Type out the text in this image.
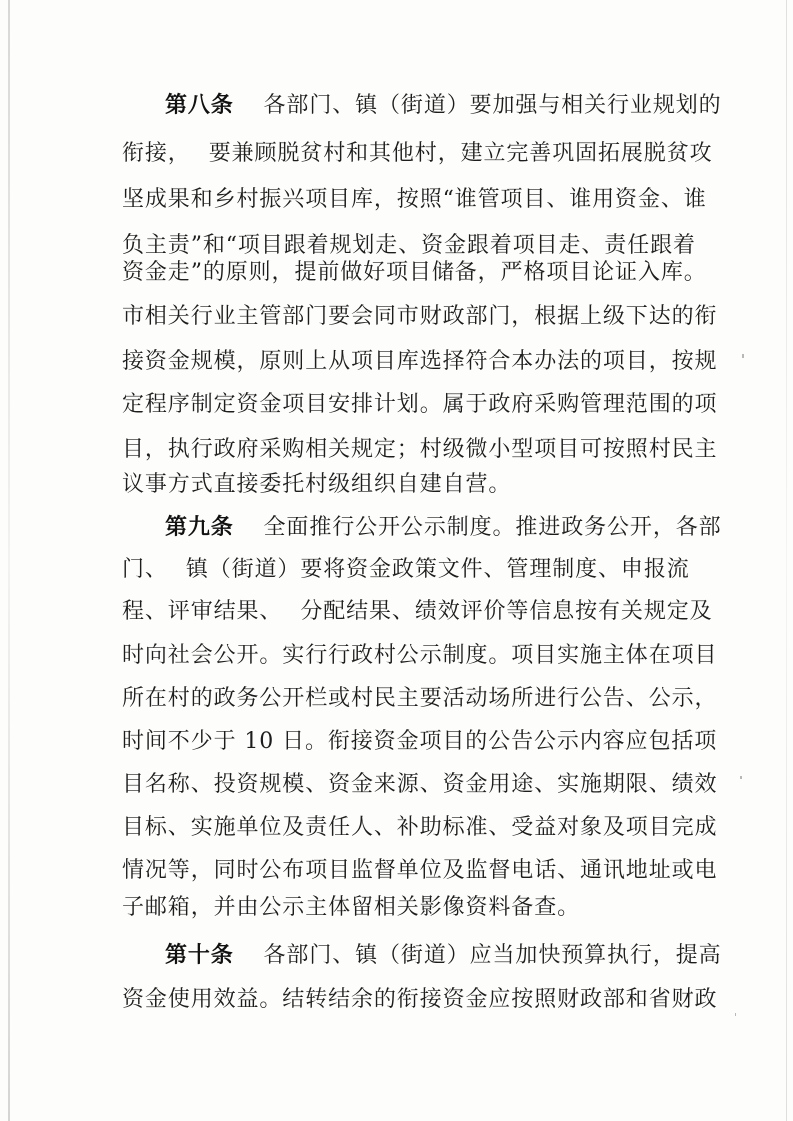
第八条 各部门、镇（街道）要加强与相关行业规划的
衔接， 要兼顾脱贫村和其他村，建立完善巩固拓展脱贫攻
坚成果和乡村振兴项目库，按照“谁管项目、谁用资金、谁
负主责”和“项目跟着规划走、资金跟着项目走、责任跟着
资金走”的原则，提前做好项目储备，严格项目论证入库。
市相关行业主管部门要会同市财政部门，根据上级下达的衔
接资金规模，原则上从项目库选择符合本办法的项目，按规
定程序制定资金项目安排计划。属于政府采购管理范围的项
目，执行政府采购相关规定；村级微小型项目可按照村民主
议事方式直接委托村级组织自建自营。
第九条 全面推行公开公示制度。推进政务公开，各部
门、 镇（街道）要将资金政策文件、管理制度、申报流
程、评审结果、 分配结果、绩效评价等信息按有关规定及
时向社会公开。实行行政村公示制度。项目实施主体在项目
所在村的政务公开栏或村民主要活动场所进行公告、公示，
时间不少于 10 日。衔接资金项目的公告公示内容应包括项
目名称、投资规模、资金来源、资金用途、实施期限、绩效
目标、实施单位及责任人、补助标准、受益对象及项目完成
情况等，同时公布项目监督单位及监督电话、通讯地址或电
子邮箱，并由公示主体留相关影像资料备查。
第十条 各部门、镇（街道）应当加快预算执行，提高
资金使用效益。结转结余的衔接资金应按照财政部和省财政
